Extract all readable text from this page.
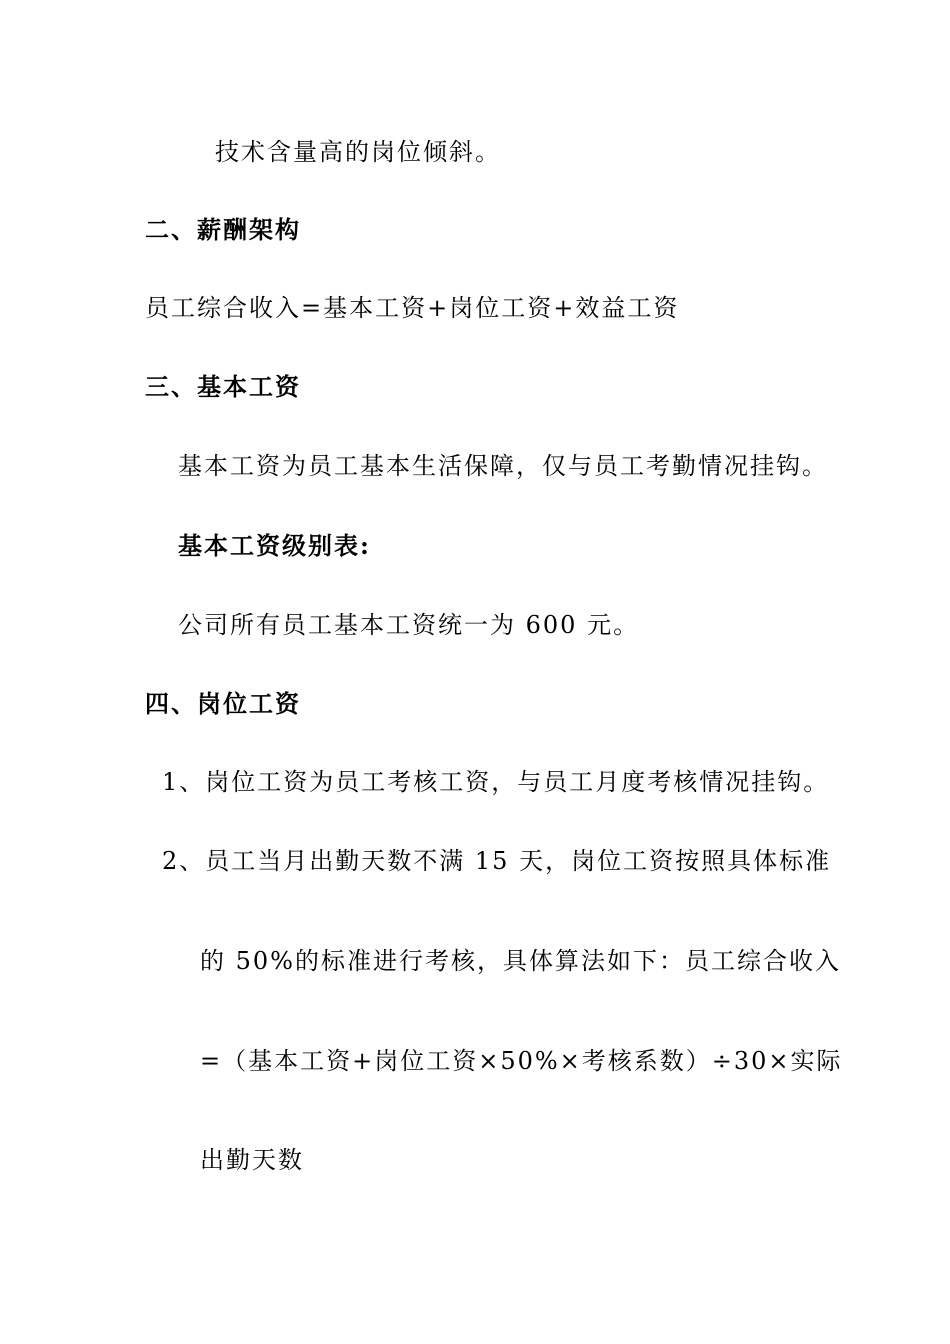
技术含量高的岗位倾斜。
二、薪酬架构
员工综合收入=基本工资+岗位工资+效益工资
三、基本工资
基本工资为员工基本生活保障，仅与员工考勤情况挂钩。
基本工资级别表:
公司所有员工基本工资统一为 600 元。
四、岗位工资
1、岗位工资为员工考核工资，与员工月度考核情况挂钩。
2、员工当月出勤天数不满 15 天，岗位工资按照具体标准
的 50%的标准进行考核，具体算法如下：员工综合收入
=（基本工资+岗位工资×50%×考核系数）÷30×实际
出勤天数
